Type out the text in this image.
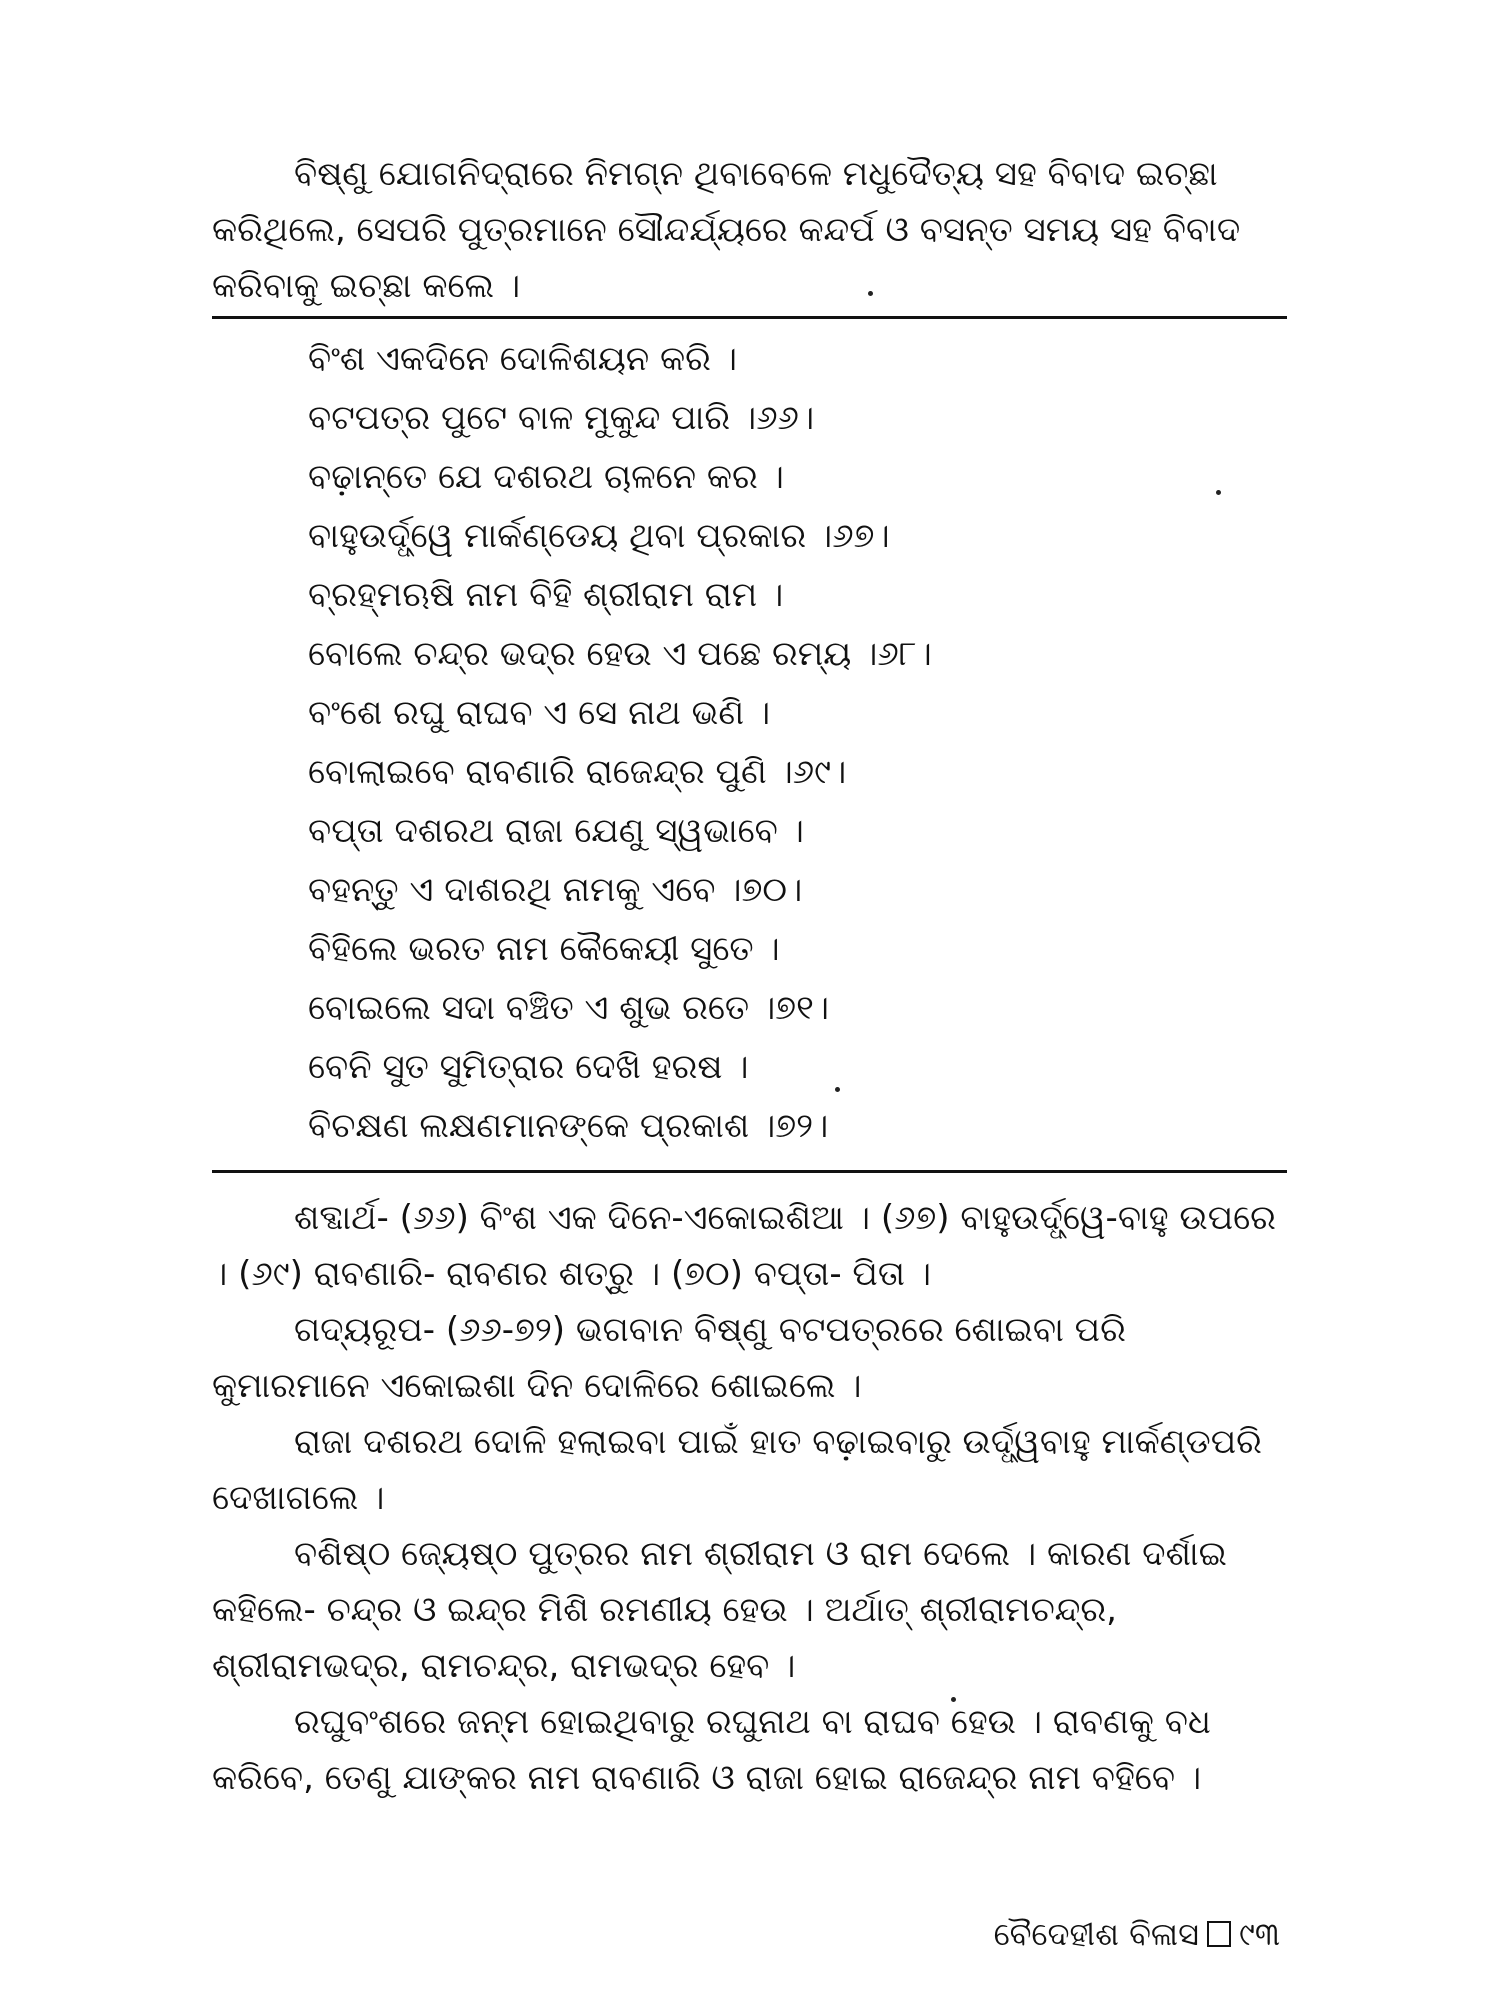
ବିଷ୍ଣୁ ଯୋଗନିଦ୍ରାରେ ନିମଗ୍ନ ଥିବାବେଳେ ମଧୁଦୈତ୍ୟ ସହ ବିବାଦ ଇଚ୍ଛା କରିଥିଲେ, ସେପରି ପୁତ୍ରମାନେ ସୌନ୍ଦର୍ଯ୍ୟରେ କନ୍ଦର୍ପ ଓ ବସନ୍ତ ସମୟ ସହ ବିବାଦ କରିବାକୁ ଇଚ୍ଛା କଲେ ।

ବିଂଶ ଏକଦିନେ ଦୋଳିଶୟନ କରି ।
ବଟପତ୍ର ପୁଟେ ବାଳ ମୁକୁନ୍ଦ ପାରି ।୬୬।
ବଢ଼ାନ୍ତେ ଯେ ଦଶରଥ ଚାଳନେ କର ।
ବାହୁଉର୍ଦ୍ଧ୍ୱେ ମାର୍କଣ୍ଡେୟ ଥିବା ପ୍ରକାର ।୬୭।
ବ୍ରହ୍ମଋଷି ନାମ ବିହି ଶ୍ରୀରାମ ରାମ ।
ବୋଲେ ଚନ୍ଦ୍ର ଭଦ୍ର ହେଉ ଏ ପଛେ ରମ୍ୟ ।୬୮।
ବଂଶେ ରଘୁ ରାଘବ ଏ ସେ ନାଥ ଭଣି ।
ବୋଲାଇବେ ରାବଣାରି ରାଜେନ୍ଦ୍ର ପୁଣି ।୬୯।
ବପ୍ତା ଦଶରଥ ରାଜା ଯେଣୁ ସ୍ୱଭାବେ ।
ବହନ୍ତୁ ଏ ଦାଶରଥି ନାମକୁ ଏବେ ।୭୦।
ବିହିଲେ ଭରତ ନାମ କୈକେୟୀ ସୁତେ ।
ବୋଇଲେ ସଦା ବଞ୍ଚିତ ଏ ଶୁଭ ରତେ ।୭୧।
ବେନି ସୁତ ସୁମିତ୍ରାର ଦେଖି ହରଷ ।
ବିଚକ୍ଷଣ ଲକ୍ଷଣମାନଙ୍କେ ପ୍ରକାଶ ।୭୨।

ଶବ୍ଦାର୍ଥ- (୬୬) ବିଂଶ ଏକ ଦିନେ-ଏକୋଇଶିଆ । (୬୭) ବାହୁଉର୍ଦ୍ଧ୍ୱେ-ବାହୁ ଉପରେ । (୬୯) ରାବଣାରି- ରାବଣର ଶତ୍ରୁ । (୭୦) ବପ୍ତା- ପିତା ।

ଗଦ୍ୟରୂପ- (୬୬-୭୨) ଭଗବାନ ବିଷ୍ଣୁ ବଟପତ୍ରରେ ଶୋଇବା ପରି କୁମାରମାନେ ଏକୋଇଶା ଦିନ ଦୋଳିରେ ଶୋଇଲେ ।

ରାଜା ଦଶରଥ ଦୋଳି ହଲାଇବା ପାଇଁ ହାତ ବଢ଼ାଇବାରୁ ଉର୍ଦ୍ଧ୍ୱବାହୁ ମାର୍କଣ୍ଡପରି ଦେଖାଗଲେ ।

ବଶିଷ୍ଠ ଜ୍ୟେଷ୍ଠ ପୁତ୍ରର ନାମ ଶ୍ରୀରାମ ଓ ରାମ ଦେଲେ । କାରଣ ଦର୍ଶାଇ କହିଲେ- ଚନ୍ଦ୍ର ଓ ଇନ୍ଦ୍ର ମିଶି ରମଣୀୟ ହେଉ । ଅର୍ଥାତ୍ ଶ୍ରୀରାମଚନ୍ଦ୍ର, ଶ୍ରୀରାମଭଦ୍ର, ରାମଚନ୍ଦ୍ର, ରାମଭଦ୍ର ହେବ ।

ରଘୁବଂଶରେ ଜନ୍ମ ହୋଇଥିବାରୁ ରଘୁନାଥ ବା ରାଘବ ହେଉ । ରାବଣକୁ ବଧ କରିବେ, ତେଣୁ ଯାଙ୍କର ନାମ ରାବଣାରି ଓ ରାଜା ହୋଇ ରାଜେନ୍ଦ୍ର ନାମ ବହିବେ ।

ବୈଦେହୀଶ ବିଳାସ ୯୩
